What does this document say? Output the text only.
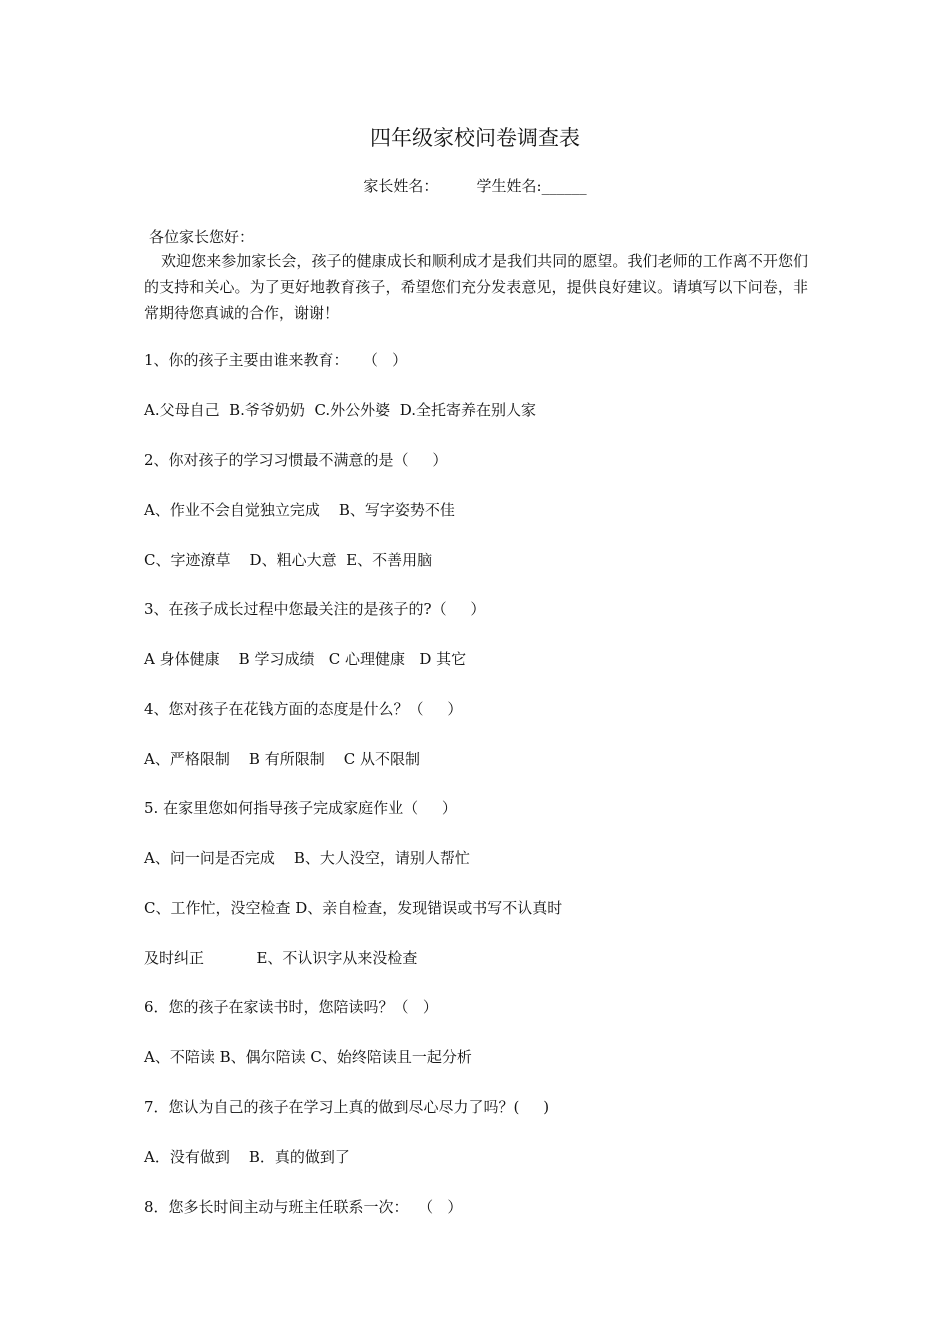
四年级家校问卷调查表
家长姓名：        学生姓名:______
各位家长您好：
欢迎您来参加家长会，孩子的健康成长和顺利成才是我们共同的愿望。我们老师的工作离不开您们的支持和关心。为了更好地教育孩子，希望您们充分发表意见，提供良好建议。请填写以下问卷，非常期待您真诚的合作，谢谢！
1、你的孩子主要由谁来教育：   （   ）
A.父母自己  B.爷爷奶奶  C.外公外婆  D.全托寄养在别人家
2、你对孩子的学习习惯最不满意的是（     ）
A、作业不会自觉独立完成    B、写字姿势不佳
C、字迹潦草    D、粗心大意  E、不善用脑
3、在孩子成长过程中您最关注的是孩子的?（     ）
A 身体健康    B 学习成绩   C 心理健康   D 其它
4、您对孩子在花钱方面的态度是什么？（     ）
A、严格限制    B 有所限制    C 从不限制
5. 在家里您如何指导孩子完成家庭作业（     ）
A、问一问是否完成    B、大人没空，请别人帮忙
C、工作忙，没空检查 D、亲自检查，发现错误或书写不认真时
及时纠正           E、不认识字从来没检查
6．您的孩子在家读书时，您陪读吗？（   ）
A、不陪读 B、偶尔陪读 C、始终陪读且一起分析
7．您认为自己的孩子在学习上真的做到尽心尽力了吗？(     )
A．没有做到    B．真的做到了
8．您多长时间主动与班主任联系一次：  （   ）
